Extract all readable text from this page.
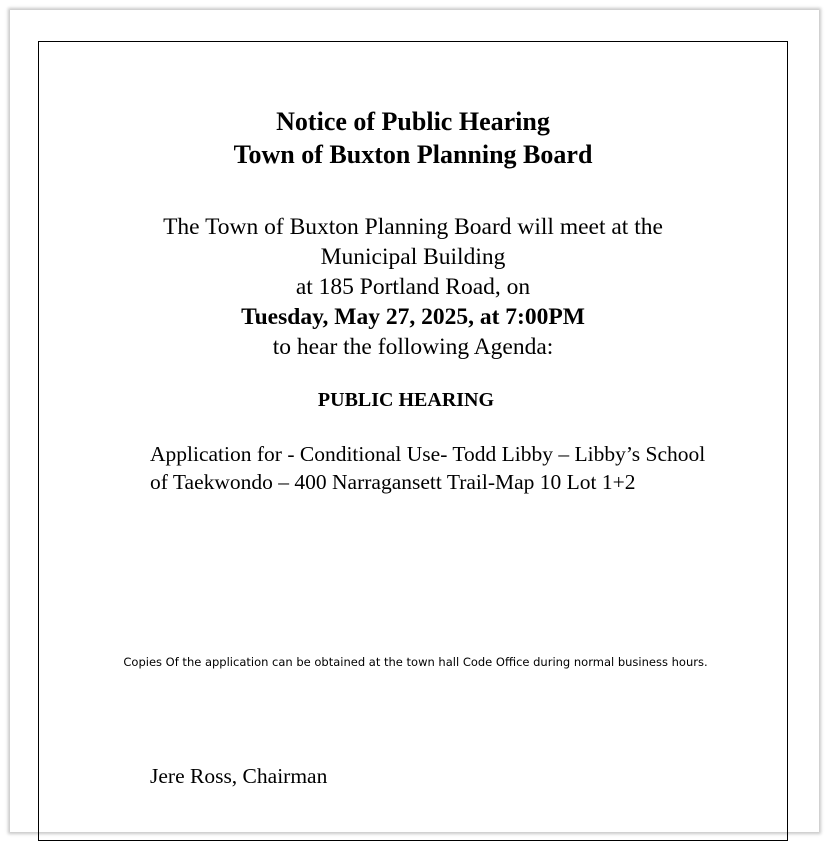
Notice of Public Hearing
Town of Buxton Planning Board
The Town of Buxton Planning Board will meet at the
Municipal Building
at 185 Portland Road, on
Tuesday, May 27, 2025, at 7:00PM
to hear the following Agenda:
PUBLIC HEARING
Application for - Conditional Use- Todd Libby – Libby’s School of Taekwondo – 400 Narragansett Trail-Map 10 Lot 1+2
Copies Of the application can be obtained at the town hall Code Office during normal business hours.
Jere Ross, Chairman
